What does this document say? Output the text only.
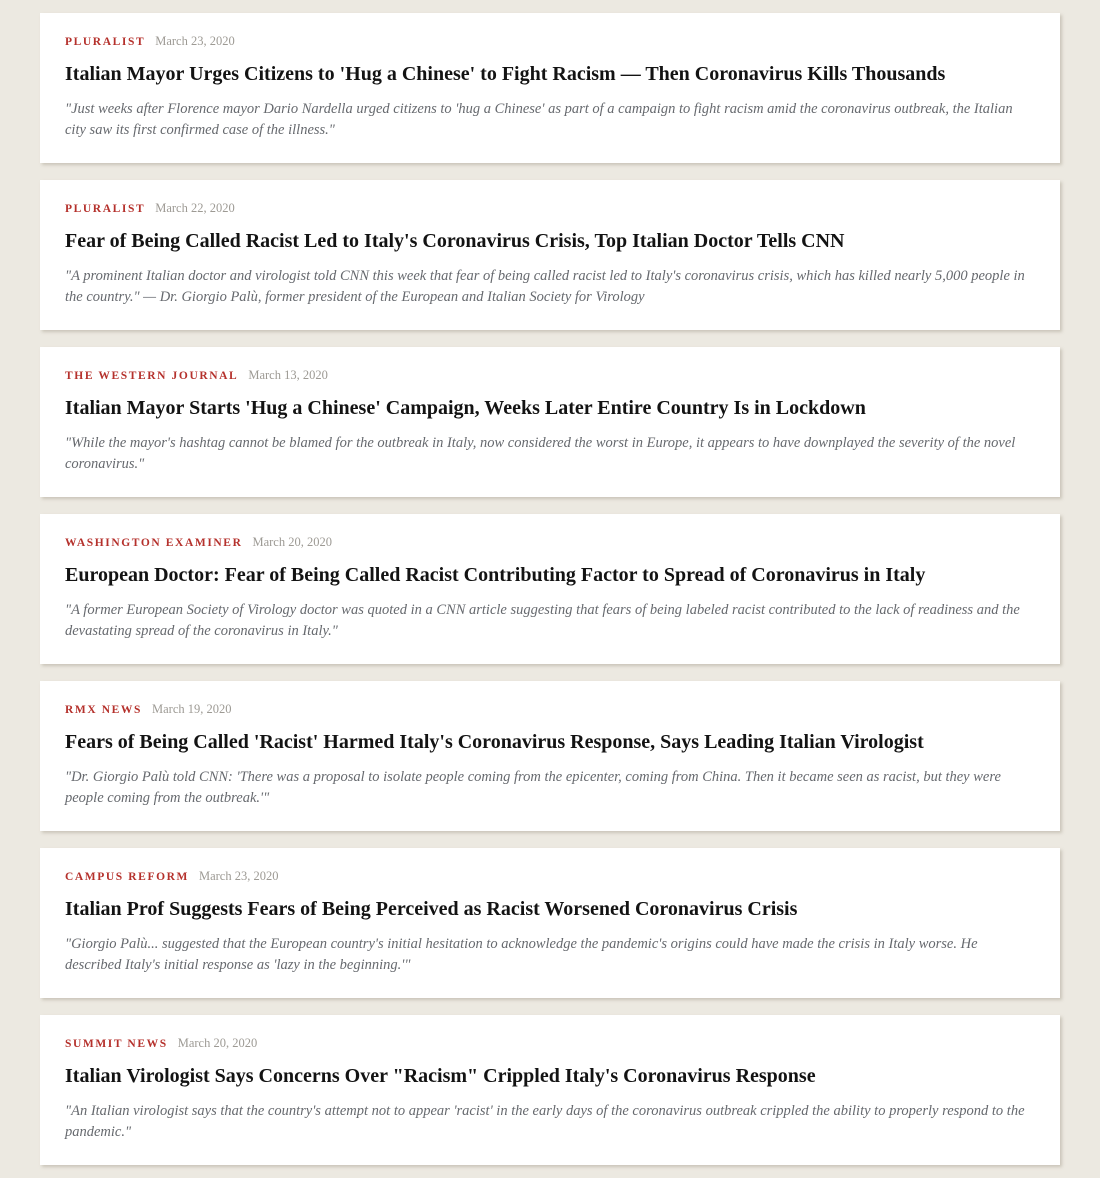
PLURALIST March 23, 2020
Italian Mayor Urges Citizens to 'Hug a Chinese' to Fight Racism — Then Coronavirus Kills Thousands

"Just weeks after Florence mayor Dario Nardella urged citizens to 'hug a Chinese' as part of a campaign to fight racism amid the coronavirus outbreak, the Italian city saw its first confirmed case of the illness."

PLURALIST March 22, 2020
Fear of Being Called Racist Led to Italy's Coronavirus Crisis, Top Italian Doctor Tells CNN

"A prominent Italian doctor and virologist told CNN this week that fear of being called racist led to Italy's coronavirus crisis, which has killed nearly 5,000 people in the country." — Dr. Giorgio Palù, former president of the European and Italian Society for Virology

THE WESTERN JOURNAL March 13, 2020
Italian Mayor Starts 'Hug a Chinese' Campaign, Weeks Later Entire Country Is in Lockdown

"While the mayor's hashtag cannot be blamed for the outbreak in Italy, now considered the worst in Europe, it appears to have downplayed the severity of the novel coronavirus."

WASHINGTON EXAMINER March 20, 2020
European Doctor: Fear of Being Called Racist Contributing Factor to Spread of Coronavirus in Italy

"A former European Society of Virology doctor was quoted in a CNN article suggesting that fears of being labeled racist contributed to the lack of readiness and the devastating spread of the coronavirus in Italy."

RMX NEWS March 19, 2020
Fears of Being Called 'Racist' Harmed Italy's Coronavirus Response, Says Leading Italian Virologist

"Dr. Giorgio Palù told CNN: 'There was a proposal to isolate people coming from the epicenter, coming from China. Then it became seen as racist, but they were people coming from the outbreak.'"

CAMPUS REFORM March 23, 2020
Italian Prof Suggests Fears of Being Perceived as Racist Worsened Coronavirus Crisis

"Giorgio Palù... suggested that the European country's initial hesitation to acknowledge the pandemic's origins could have made the crisis in Italy worse. He described Italy's initial response as 'lazy in the beginning.'"

SUMMIT NEWS March 20, 2020
Italian Virologist Says Concerns Over "Racism" Crippled Italy's Coronavirus Response

"An Italian virologist says that the country's attempt not to appear 'racist' in the early days of the coronavirus outbreak crippled the ability to properly respond to the pandemic."
